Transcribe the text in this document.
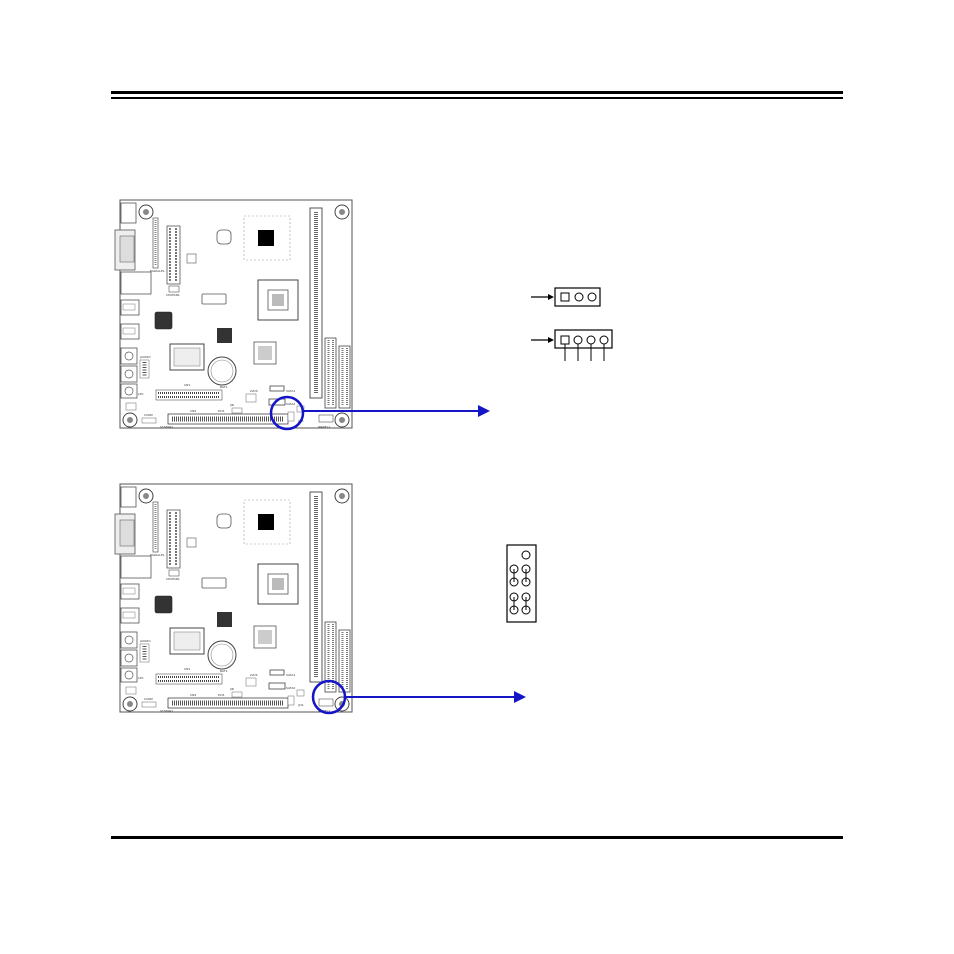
PARALLEL
CPUFAN1
CN1
CN2
SATA1
JAUDIO
COM2
LVDS
JIR
BAT1
LPC
SYSFAN1
PCI1
